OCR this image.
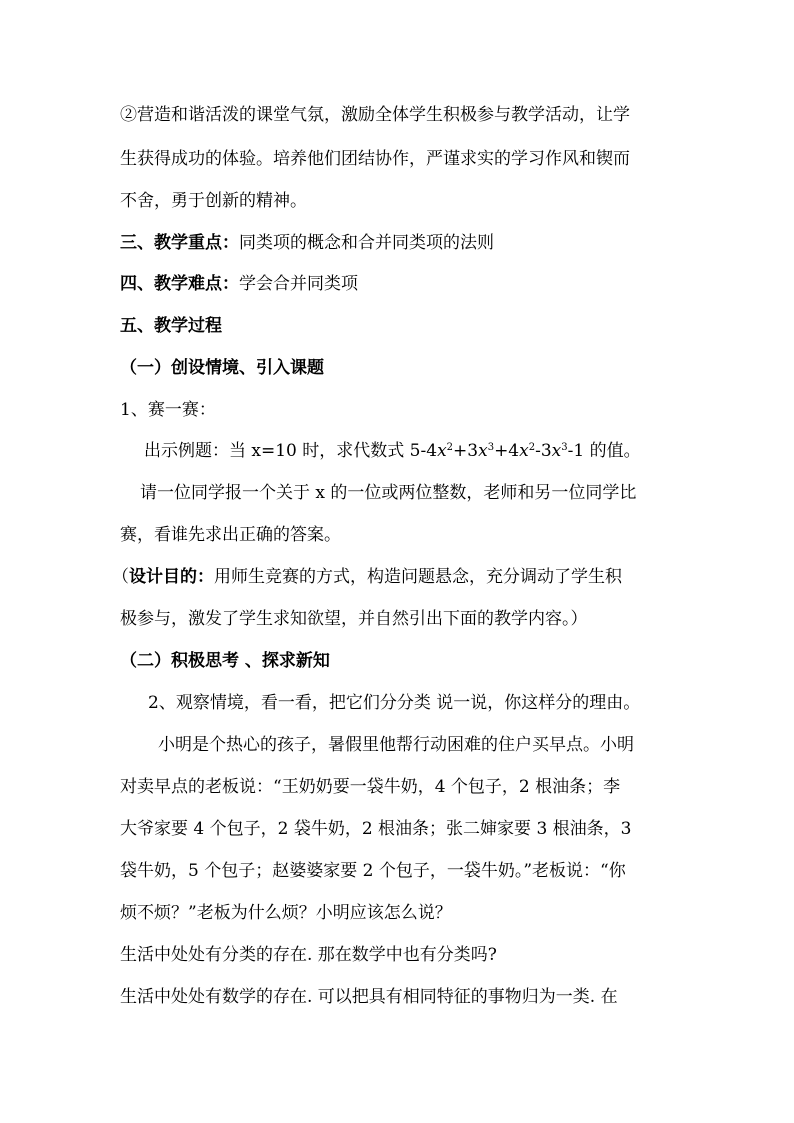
②营造和谐活泼的课堂气氛，激励全体学生积极参与教学活动，让学
生获得成功的体验。培养他们团结协作，严谨求实的学习作风和锲而
不舍，勇于创新的精神。
三、教学重点：同类项的概念和合并同类项的法则
四、教学难点：学会合并同类项
五、教学过程
（一）创设情境、引入课题
1、赛一赛：
出示例题：当 x=10 时，求代数式 $5-4x^2+3x^3+4x^2-3x^3-1$ 的值。
请一位同学报一个关于 x 的一位或两位整数，老师和另一位同学比
赛，看谁先求出正确的答案。
（设计目的：用师生竞赛的方式，构造问题悬念，充分调动了学生积
极参与，激发了学生求知欲望，并自然引出下面的教学内容。）
（二）积极思考 、探求新知
2、观察情境，看一看，把它们分分类 说一说，你这样分的理由。
小明是个热心的孩子，暑假里他帮行动困难的住户买早点。小明
对卖早点的老板说：“王奶奶要一袋牛奶，4 个包子，2 根油条；李
大爷家要 4 个包子，2 袋牛奶，2 根油条；张二婶家要 3 根油条，3
袋牛奶，5 个包子；赵婆婆家要 2 个包子，一袋牛奶。”老板说：“你
烦不烦？”老板为什么烦？小明应该怎么说？
生活中处处有分类的存在. 那在数学中也有分类吗?
生活中处处有数学的存在. 可以把具有相同特征的事物归为一类. 在
